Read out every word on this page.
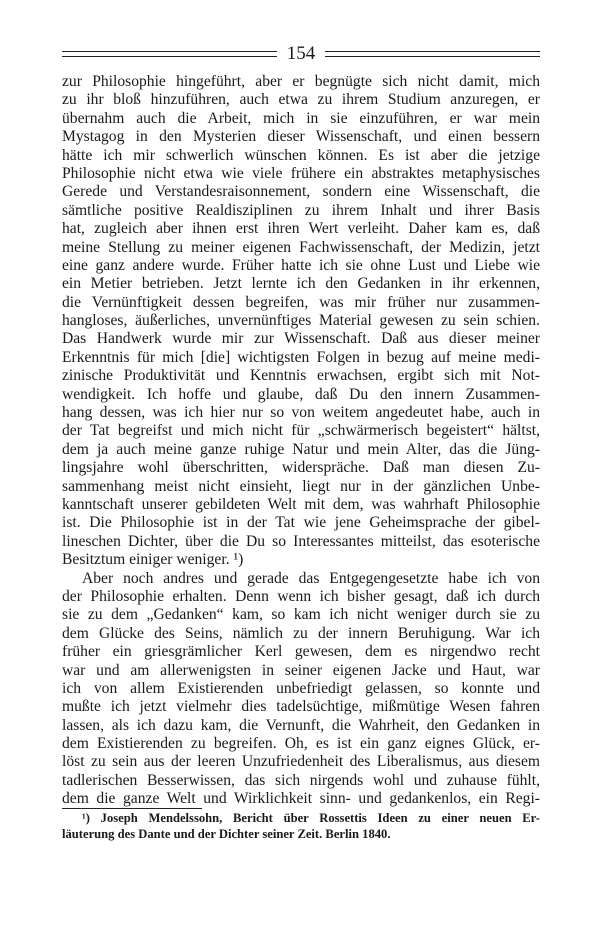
154
zur Philosophie hingeführt, aber er begnügte sich nicht damit, mich
zu ihr bloß hinzuführen, auch etwa zu ihrem Studium anzuregen, er
übernahm auch die Arbeit, mich in sie einzuführen, er war mein
Mystagog in den Mysterien dieser Wissenschaft, und einen bessern
hätte ich mir schwerlich wünschen können. Es ist aber die jetzige
Philosophie nicht etwa wie viele frühere ein abstraktes metaphysisches
Gerede und Verstandesraisonnement, sondern eine Wissenschaft, die
sämtliche positive Realdisziplinen zu ihrem Inhalt und ihrer Basis
hat, zugleich aber ihnen erst ihren Wert verleiht. Daher kam es, daß
meine Stellung zu meiner eigenen Fachwissenschaft, der Medizin, jetzt
eine ganz andere wurde. Früher hatte ich sie ohne Lust und Liebe wie
ein Metier betrieben. Jetzt lernte ich den Gedanken in ihr erkennen,
die Vernünftigkeit dessen begreifen, was mir früher nur zusammen-
hangloses, äußerliches, unvernünftiges Material gewesen zu sein schien.
Das Handwerk wurde mir zur Wissenschaft. Daß aus dieser meiner
Erkenntnis für mich [die] wichtigsten Folgen in bezug auf meine medi-
zinische Produktivität und Kenntnis erwachsen, ergibt sich mit Not-
wendigkeit. Ich hoffe und glaube, daß Du den innern Zusammen-
hang dessen, was ich hier nur so von weitem angedeutet habe, auch in
der Tat begreifst und mich nicht für „schwärmerisch begeistert“ hältst,
dem ja auch meine ganze ruhige Natur und mein Alter, das die Jüng-
lingsjahre wohl überschritten, widerspräche. Daß man diesen Zu-
sammenhang meist nicht einsieht, liegt nur in der gänzlichen Unbe-
kanntschaft unserer gebildeten Welt mit dem, was wahrhaft Philosophie
ist. Die Philosophie ist in der Tat wie jene Geheimsprache der gibel-
lineschen Dichter, über die Du so Interessantes mitteilst, das esoterische
Besitztum einiger weniger. ¹)
Aber noch andres und gerade das Entgegengesetzte habe ich von
der Philosophie erhalten. Denn wenn ich bisher gesagt, daß ich durch
sie zu dem „Gedanken“ kam, so kam ich nicht weniger durch sie zu
dem Glücke des Seins, nämlich zu der innern Beruhigung. War ich
früher ein griesgrämlicher Kerl gewesen, dem es nirgendwo recht
war und am allerwenigsten in seiner eigenen Jacke und Haut, war
ich von allem Existierenden unbefriedigt gelassen, so konnte und
mußte ich jetzt vielmehr dies tadelsüchtige, mißmütige Wesen fahren
lassen, als ich dazu kam, die Vernunft, die Wahrheit, den Gedanken in
dem Existierenden zu begreifen. Oh, es ist ein ganz eignes Glück, er-
löst zu sein aus der leeren Unzufriedenheit des Liberalismus, aus diesem
tadlerischen Besserwissen, das sich nirgends wohl und zuhause fühlt,
dem die ganze Welt und Wirklichkeit sinn- und gedankenlos, ein Regi-
¹) Joseph Mendelssohn, Bericht über Rossettis Ideen zu einer neuen Er-
läuterung des Dante und der Dichter seiner Zeit. Berlin 1840.
